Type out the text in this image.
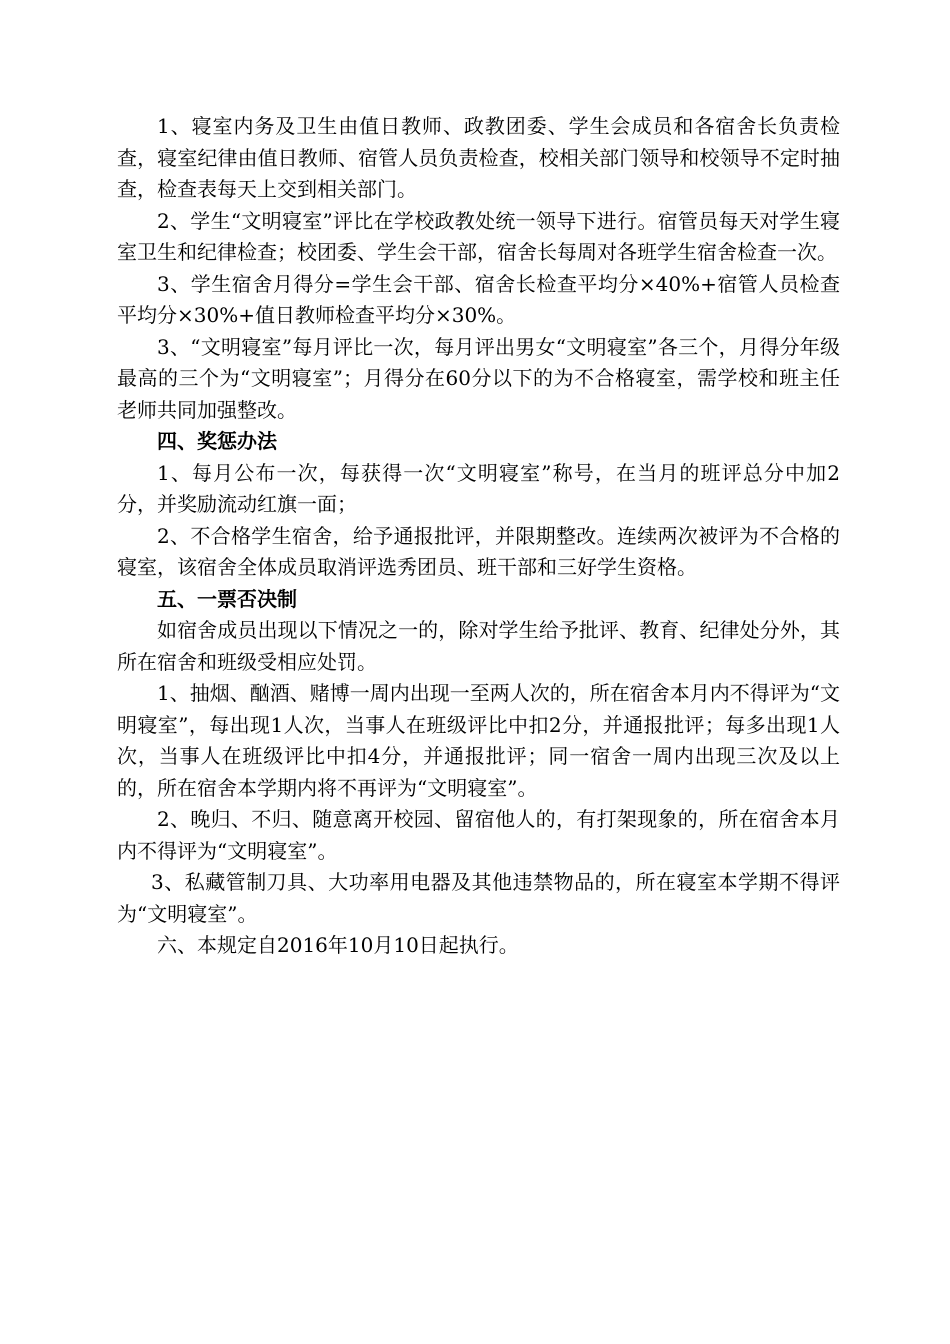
1、寝室内务及卫生由值日教师、政教团委、学生会成员和各宿舍长负责检查，寝室纪律由值日教师、宿管人员负责检查，校相关部门领导和校领导不定时抽查，检查表每天上交到相关部门。

2、学生“文明寝室”评比在学校政教处统一领导下进行。宿管员每天对学生寝室卫生和纪律检查；校团委、学生会干部，宿舍长每周对各班学生宿舍检查一次。

3、学生宿舍月得分=学生会干部、宿舍长检查平均分×40%+宿管人员检查平均分×30%+值日教师检查平均分×30%。

3、“文明寝室”每月评比一次，每月评出男女“文明寝室”各三个，月得分年级最高的三个为“文明寝室”；月得分在60分以下的为不合格寝室，需学校和班主任老师共同加强整改。

四、奖惩办法

1、每月公布一次，每获得一次“文明寝室”称号，在当月的班评总分中加2分，并奖励流动红旗一面；

2、不合格学生宿舍，给予通报批评，并限期整改。连续两次被评为不合格的寝室，该宿舍全体成员取消评选秀团员、班干部和三好学生资格。

五、一票否决制

如宿舍成员出现以下情况之一的，除对学生给予批评、教育、纪律处分外，其所在宿舍和班级受相应处罚。

1、抽烟、酗酒、赌博一周内出现一至两人次的，所在宿舍本月内不得评为“文明寝室”，每出现1人次，当事人在班级评比中扣2分，并通报批评；每多出现1人次，当事人在班级评比中扣4分，并通报批评；同一宿舍一周内出现三次及以上的，所在宿舍本学期内将不再评为“文明寝室”。

2、晚归、不归、随意离开校园、留宿他人的，有打架现象的，所在宿舍本月内不得评为“文明寝室”。

3、私藏管制刀具、大功率用电器及其他违禁物品的，所在寝室本学期不得评为“文明寝室”。

六、本规定自2016年10月10日起执行。
